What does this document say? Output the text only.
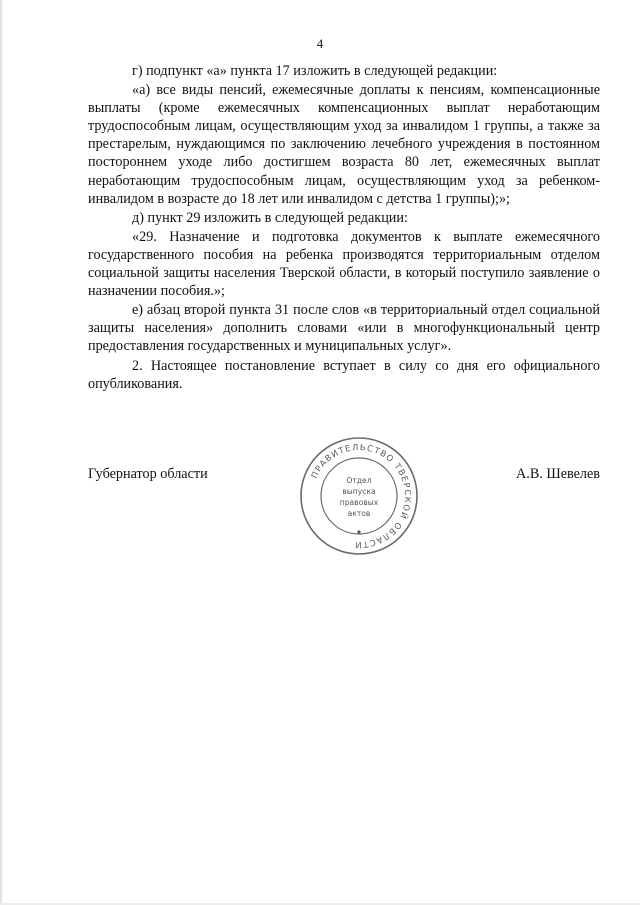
4

г) подпункт «а» пункта 17 изложить в следующей редакции:

«а) все виды пенсий, ежемесячные доплаты к пенсиям, компенсационные выплаты (кроме ежемесячных компенсационных выплат неработающим трудоспособным лицам, осуществляющим уход за инвалидом 1 группы, а также за престарелым, нуждающимся по заключению лечебного учреждения в постоянном постороннем уходе либо достигшем возраста 80 лет, ежемесячных выплат неработающим трудоспособным лицам, осуществляющим уход за ребенком-инвалидом в возрасте до 18 лет или инвалидом с детства 1 группы);»;

д) пункт 29 изложить в следующей редакции:

«29. Назначение и подготовка документов к выплате ежемесячного государственного пособия на ребенка производятся территориальным отделом социальной защиты населения Тверской области, в который поступило заявление о назначении пособия.»;

е) абзац второй пункта 31 после слов «в территориальный отдел социальной защиты населения» дополнить словами «или в многофункциональный центр предоставления государственных и муниципальных услуг».

2. Настоящее постановление вступает в силу со дня его официального опубликования.

Губернатор области	ПРАВИТЕЛЬСТВО ТВЕРСКОЙ ОБЛАСТИ
Отдел
выпуска
правовых
актов
А.В. Шевелев
